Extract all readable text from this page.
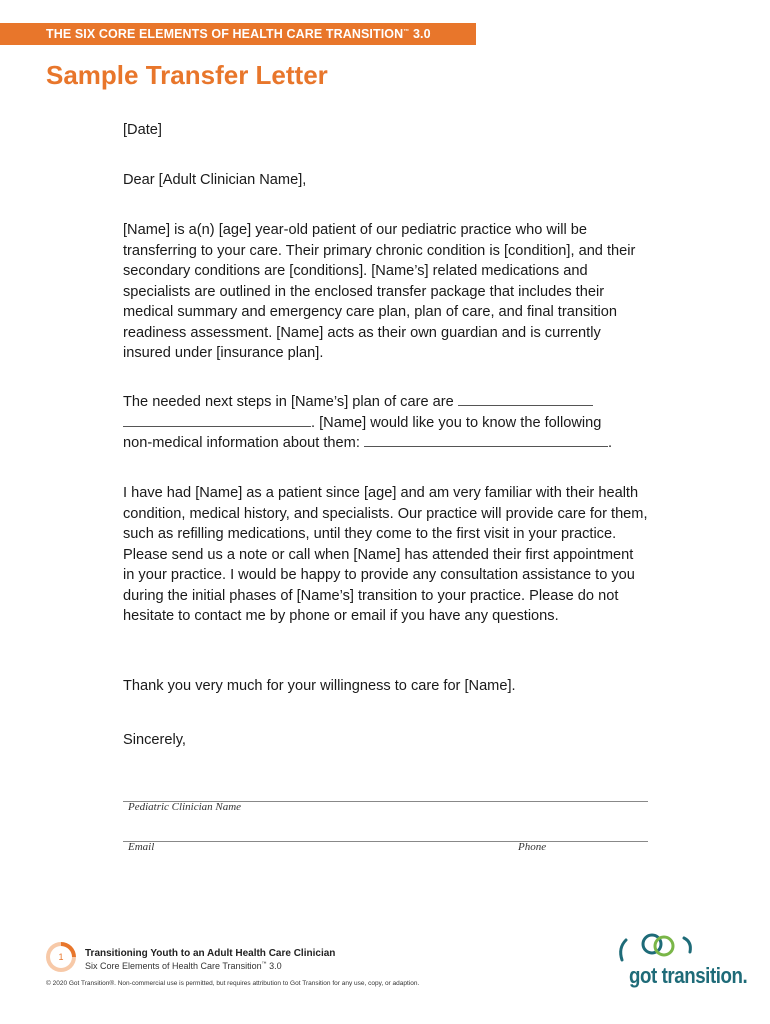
THE SIX CORE ELEMENTS OF HEALTH CARE TRANSITION™ 3.0
Sample Transfer Letter

[Date]

Dear [Adult Clinician Name],

[Name] is a(n) [age] year-old patient of our pediatric practice who will be transferring to your care. Their primary chronic condition is [condition], and their secondary conditions are [conditions]. [Name’s] related medications and specialists are outlined in the enclosed transfer package that includes their medical summary and emergency care plan, plan of care, and final transition readiness assessment. [Name] acts as their own guardian and is currently insured under [insurance plan].

The needed next steps in [Name’s] plan of care are
. [Name] would like you to know the following
non-medical information about them:	.

I have had [Name] as a patient since [age] and am very familiar with their health condition, medical history, and specialists. Our practice will provide care for them, such as refilling medications, until they come to the first visit in your practice. Please send us a note or call when [Name] has attended their first appointment in your practice. I would be happy to provide any consultation assistance to you during the initial phases of [Name’s] transition to your practice. Please do not hesitate to contact me by phone or email if you have any questions.

Thank you very much for your willingness to care for [Name].

Sincerely,

Pediatric Clinician Name
Email	Phone
1	Transitioning Youth to an Adult Health Care Clinician
Six Core Elements of Health Care Transition™ 3.0
© 2020 Got Transition®. Non-commercial use is permitted, but requires attribution to Got Transition for any use, copy, or adaption.	got transition.
